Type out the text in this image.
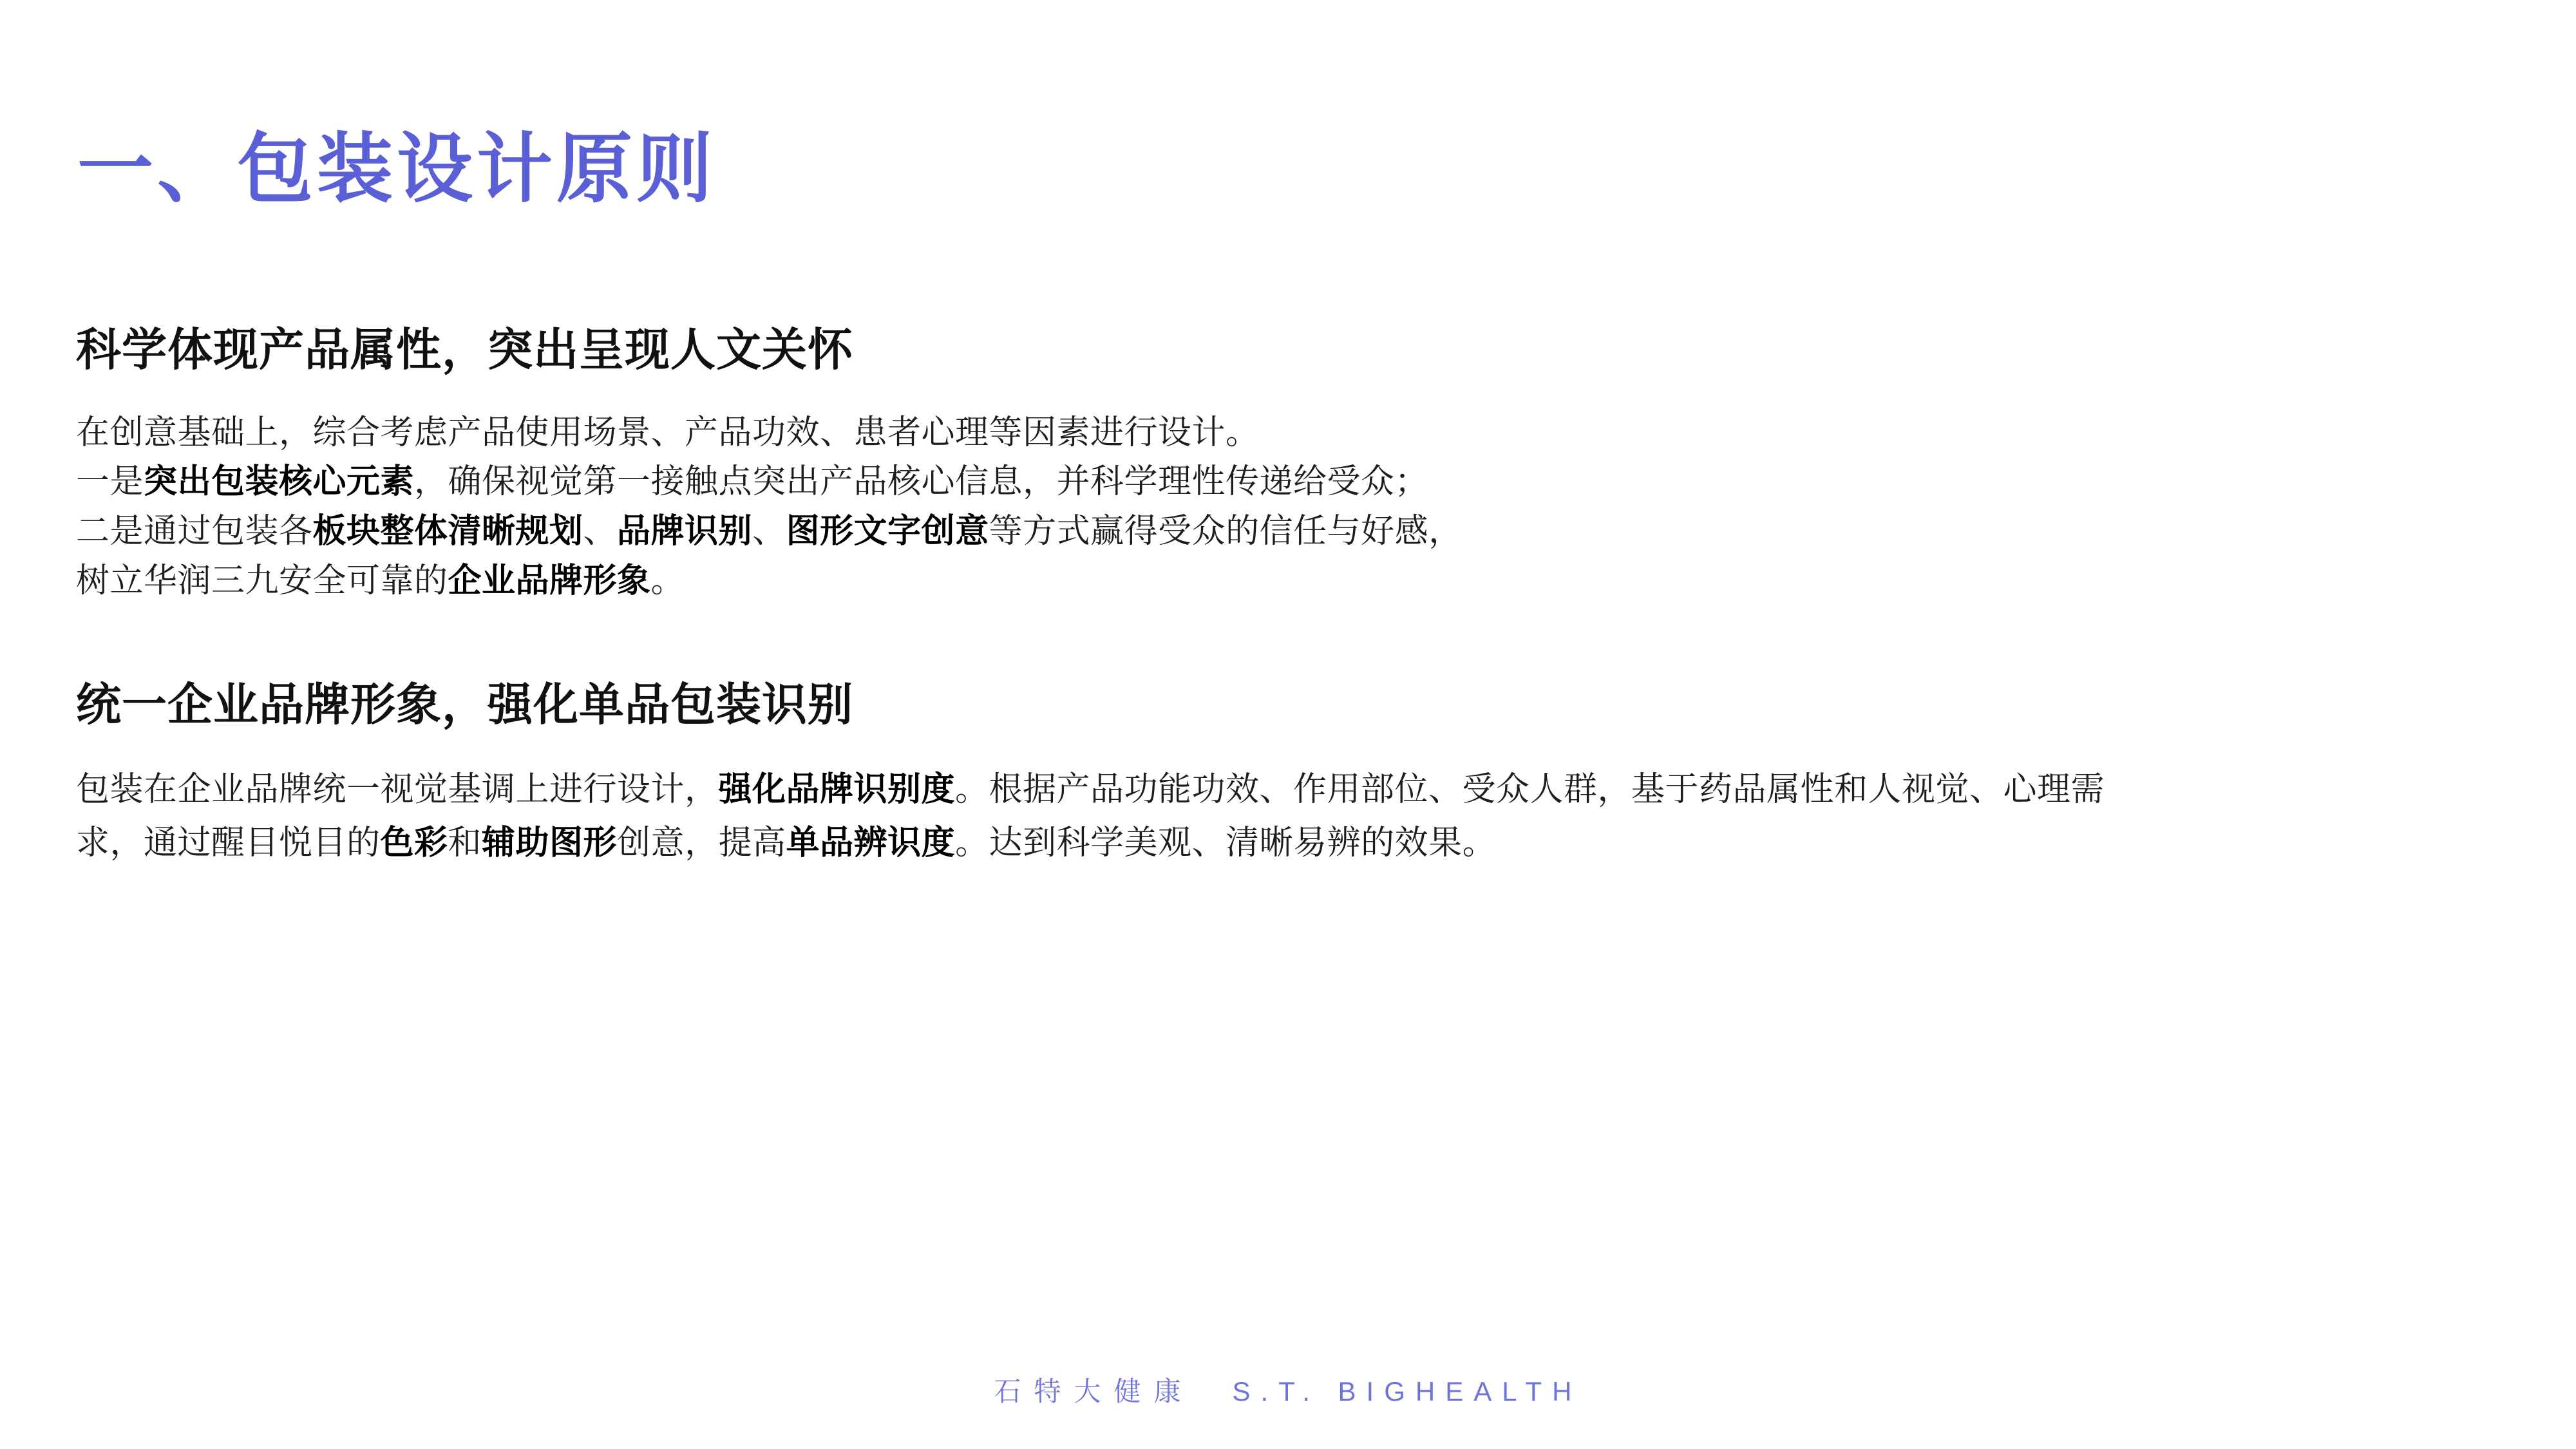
一、包装设计原则
科学体现产品属性，突出呈现人文关怀
在创意基础上，综合考虑产品使用场景、产品功效、患者心理等因素进行设计。
一是突出包装核心元素，确保视觉第一接触点突出产品核心信息，并科学理性传递给受众；
二是通过包装各板块整体清晰规划、品牌识别、图形文字创意等方式赢得受众的信任与好感，
树立华润三九安全可靠的企业品牌形象。
统一企业品牌形象，强化单品包装识别

包装在企业品牌统一视觉基调上进行设计，强化品牌识别度。根据产品功能功效、作用部位、受众人群，基于药品属性和人视觉、心理需求，通过醒目悦目的色彩和辅助图形创意，提高单品辨识度。达到科学美观、清晰易辨的效果。

石特大健康 S.T. BIGHEALTH
